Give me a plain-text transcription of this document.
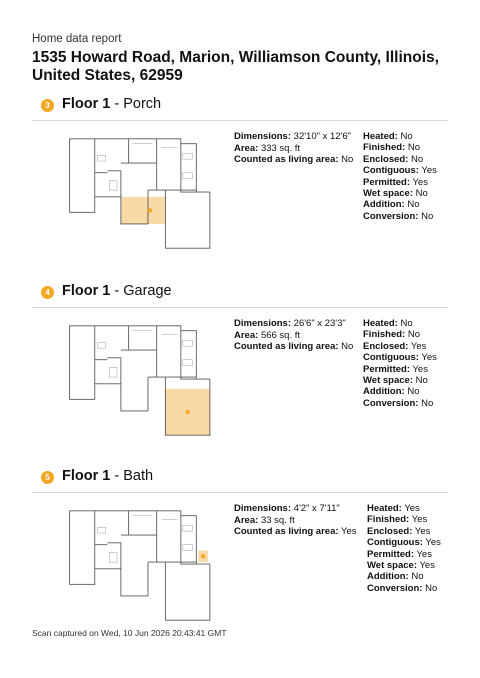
Home data report
1535 Howard Road, Marion, Williamson County, Illinois, United States, 62959
3 Floor 1 - Porch
Dimensions: 32'10" x 12'6"
Area: 333 sq. ft
Counted as living area: No
Heated: No
Finished: No
Enclosed: No
Contiguous: Yes
Permitted: Yes
Wet space: No
Addition: No
Conversion: No
4 Floor 1 - Garage
Dimensions: 26'6" x 23'3"
Area: 566 sq. ft
Counted as living area: No
Heated: No
Finished: No
Enclosed: Yes
Contiguous: Yes
Permitted: Yes
Wet space: No
Addition: No
Conversion: No
5 Floor 1 - Bath
Dimensions: 4'2" x 7'11"
Area: 33 sq. ft
Counted as living area: Yes
Heated: Yes
Finished: Yes
Enclosed: Yes
Contiguous: Yes
Permitted: Yes
Wet space: Yes
Addition: No
Conversion: No
Scan captured on Wed, 10 Jun 2026 20:43:41 GMT
